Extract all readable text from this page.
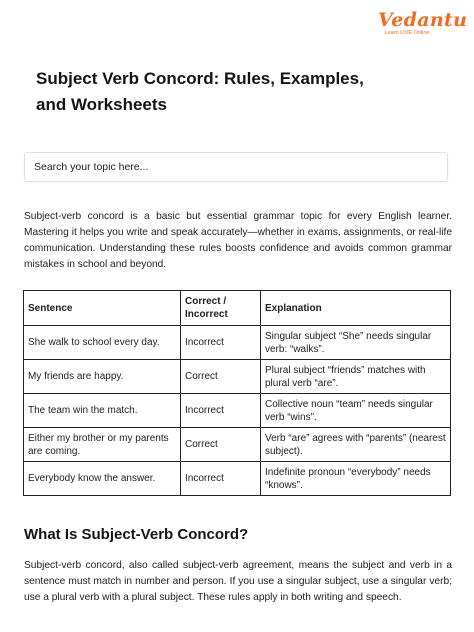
Vedantu
Learn LIVE Online
Subject Verb Concord: Rules, Examples, and Worksheets
Search your topic here...

Subject-verb concord is a basic but essential grammar topic for every English learner. Mastering it helps you write and speak accurately—whether in exams, assignments, or real-life communication. Understanding these rules boosts confidence and avoids common grammar mistakes in school and beyond.

Sentence	Correct / Incorrect	Explanation
She walk to school every day.	Incorrect	Singular subject “She” needs singular verb: “walks”.
My friends are happy.	Correct	Plural subject “friends” matches with plural verb “are”.
The team win the match.	Incorrect	Collective noun “team” needs singular verb “wins”.
Either my brother or my parents are coming.	Correct	Verb “are” agrees with “parents” (nearest subject).
Everybody know the answer.	Incorrect	Indefinite pronoun “everybody” needs “knows”.
What Is Subject-Verb Concord?

Subject-verb concord, also called subject-verb agreement, means the subject and verb in a sentence must match in number and person. If you use a singular subject, use a singular verb; use a plural verb with a plural subject. These rules apply in both writing and speech.
